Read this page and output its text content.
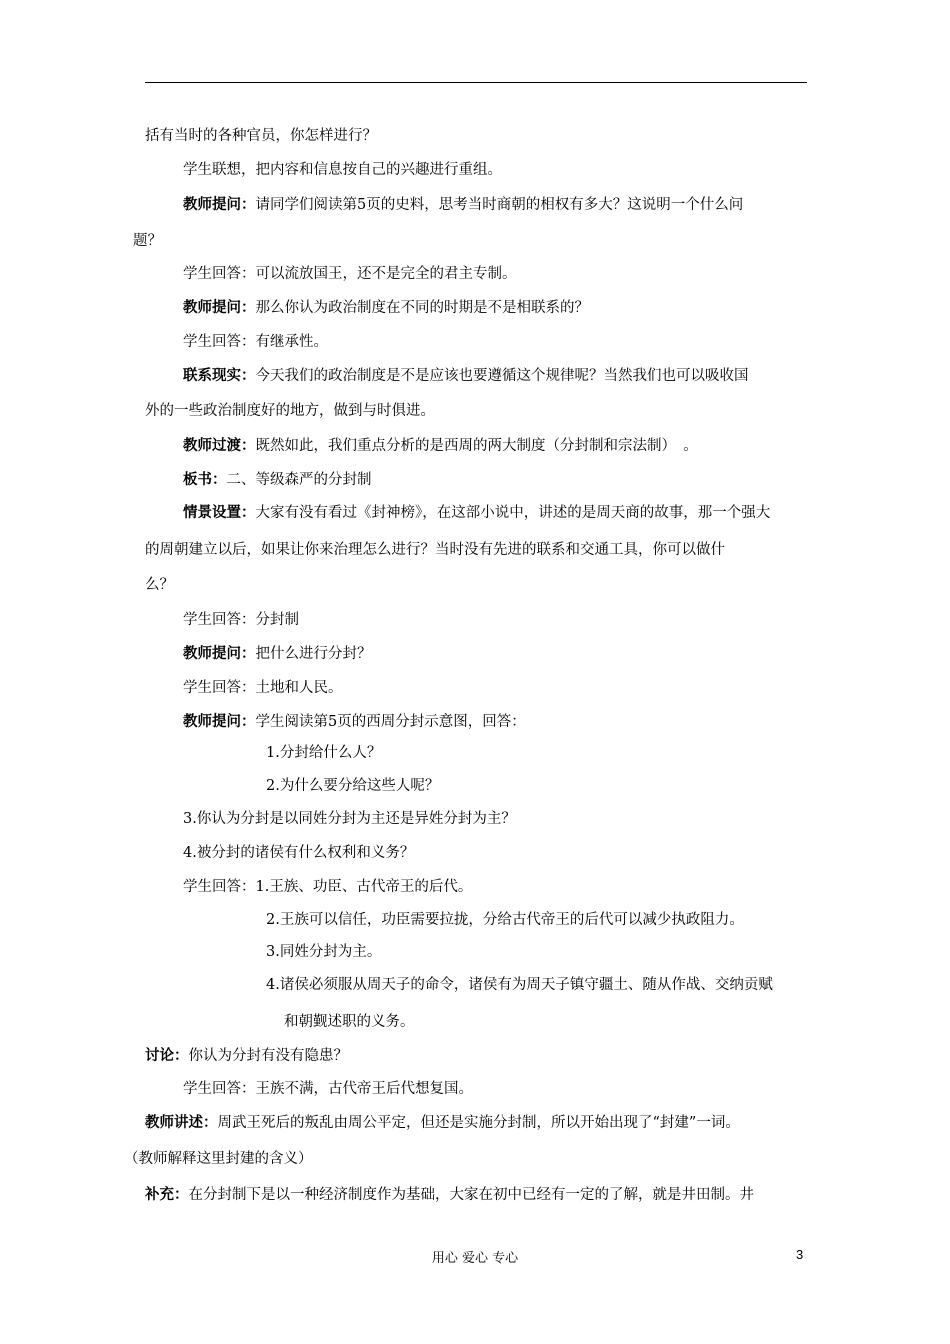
括有当时的各种官员，你怎样进行？
学生联想，把内容和信息按自己的兴趣进行重组。
教师提问：请同学们阅读第5页的史料，思考当时商朝的相权有多大？这说明一个什么问
题？
学生回答：可以流放国王，还不是完全的君主专制。
教师提问：那么你认为政治制度在不同的时期是不是相联系的？
学生回答：有继承性。
联系现实：今天我们的政治制度是不是应该也要遵循这个规律呢？当然我们也可以吸收国
外的一些政治制度好的地方，做到与时俱进。
教师过渡：既然如此，我们重点分析的是西周的两大制度（分封制和宗法制）　。
板书：二、等级森严的分封制
情景设置：大家有没有看过《封神榜》，在这部小说中，讲述的是周天商的故事，那一个强大
的周朝建立以后，如果让你来治理怎么进行？当时没有先进的联系和交通工具，你可以做什
么？
学生回答：分封制
教师提问：把什么进行分封？
学生回答：土地和人民。
教师提问：学生阅读第5页的西周分封示意图，回答：
1.分封给什么人？
2.为什么要分给这些人呢？
3.你认为分封是以同姓分封为主还是异姓分封为主？
4.被分封的诸侯有什么权利和义务？
学生回答：1.王族、功臣、古代帝王的后代。
2.王族可以信任，功臣需要拉拢，分给古代帝王的后代可以减少执政阻力。
3.同姓分封为主。
4.诸侯必须服从周天子的命令，诸侯有为周天子镇守疆土、随从作战、交纳贡赋
和朝觐述职的义务。
讨论：你认为分封有没有隐患？
学生回答：王族不满，古代帝王后代想复国。
教师讲述：周武王死后的叛乱由周公平定，但还是实施分封制，所以开始出现了“封建”一词。
（教师解释这里封建的含义）
补充：在分封制下是以一种经济制度作为基础，大家在初中已经有一定的了解，就是井田制。井
用心 爱心 专心	3
